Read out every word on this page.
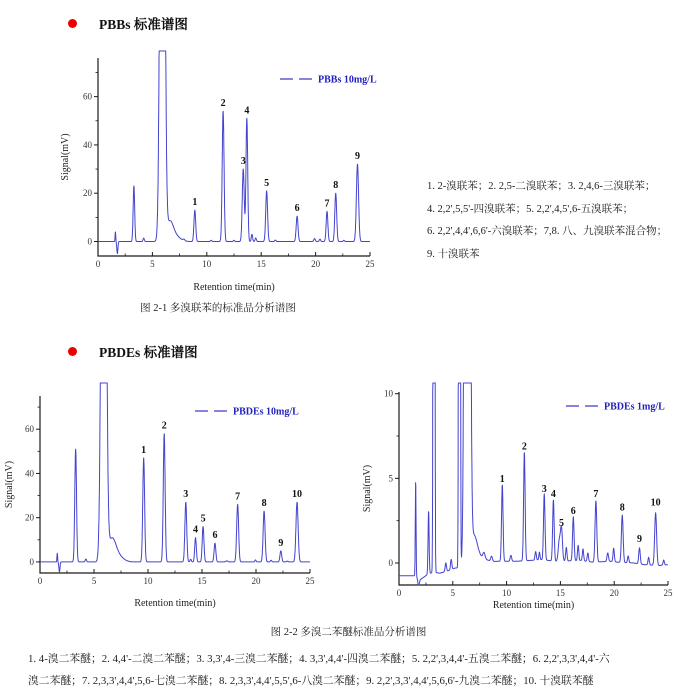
PBBs 标准谱图
0
20
40
60
0	5	10	15	20	25
Retention time(min)
Signal(mV)
1
2
3
4
5
6 7
8
9
PBBs 10mg/L
1. 2-溴联苯；2. 2,5-二溴联苯；3. 2,4,6-三溴联苯；
4. 2,2',5,5'-四溴联苯；5. 2,2',4,5',6-五溴联苯；
6. 2,2',4,4',6,6'-六溴联苯；7,8. 八、九溴联苯混合物；
9. 十溴联苯
图 2-1 多溴联苯的标准品分析谱图
PBDEs 标准谱图
0
20
40
60
0	5	10	15	20	25
Retention time(min)
Signal(mV)
1
2
3
4
5
6
7
8
9
10
PBDEs 10mg/L
0
5
10
0	5	10	15	20	25
Retention time(min)
Signal(mV)	1
2
3 4
5
6
7
8
9
10
PBDEs 1mg/L
图 2-2 多溴二苯醚标准品分析谱图
1. 4-溴二苯醚；2. 4,4'-二溴二苯醚；3. 3,3',4-三溴二苯醚；4. 3,3',4,4'-四溴二苯醚；5. 2,2',3,4,4'-五溴二苯醚；6. 2,2',3,3',4,4'-六
溴二苯醚；7. 2,3,3',4,4',5,6-七溴二苯醚；8. 2,3,3',4,4',5,5',6-八溴二苯醚；9. 2,2',3,3',4,4',5,6,6'-九溴二苯醚；10. 十溴联苯醚
